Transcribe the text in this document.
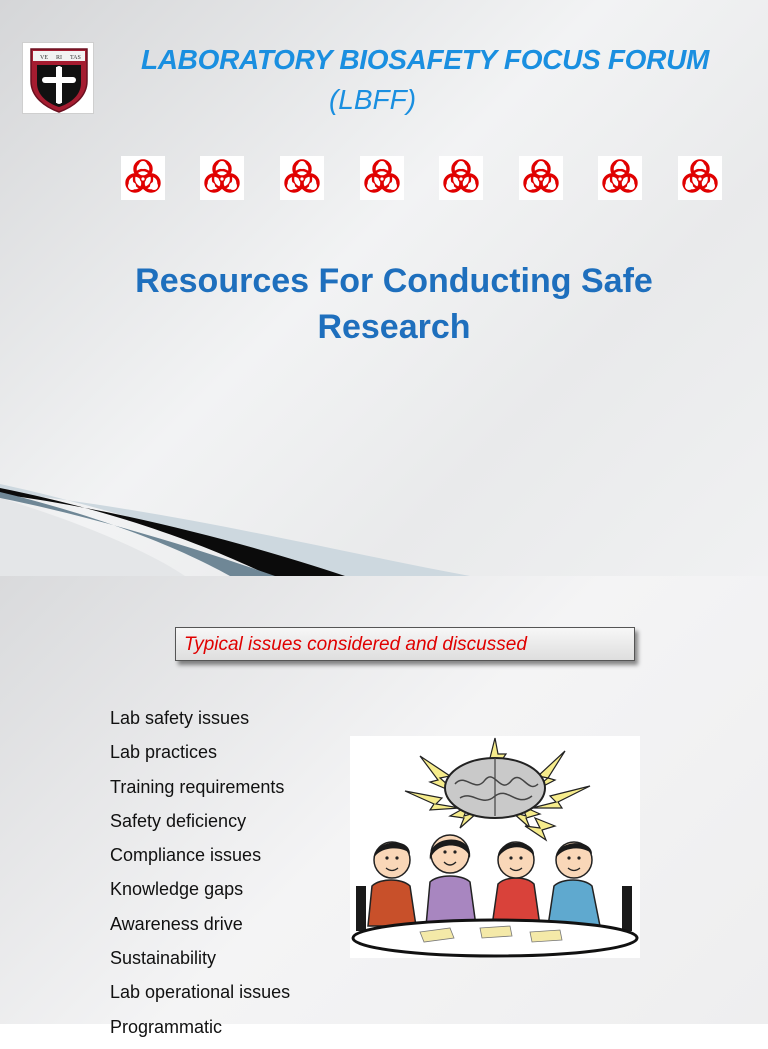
VE RI TAS	LABORATORY BIOSAFETY FOCUS FORUM
(LBFF)
Resources For Conducting Safe
Research
Typical issues considered and discussed
Lab safety issues
Lab practices
Training requirements
Safety deficiency
Compliance issues
Knowledge gaps
Awareness drive
Sustainability
Lab operational issues
Programmatic
